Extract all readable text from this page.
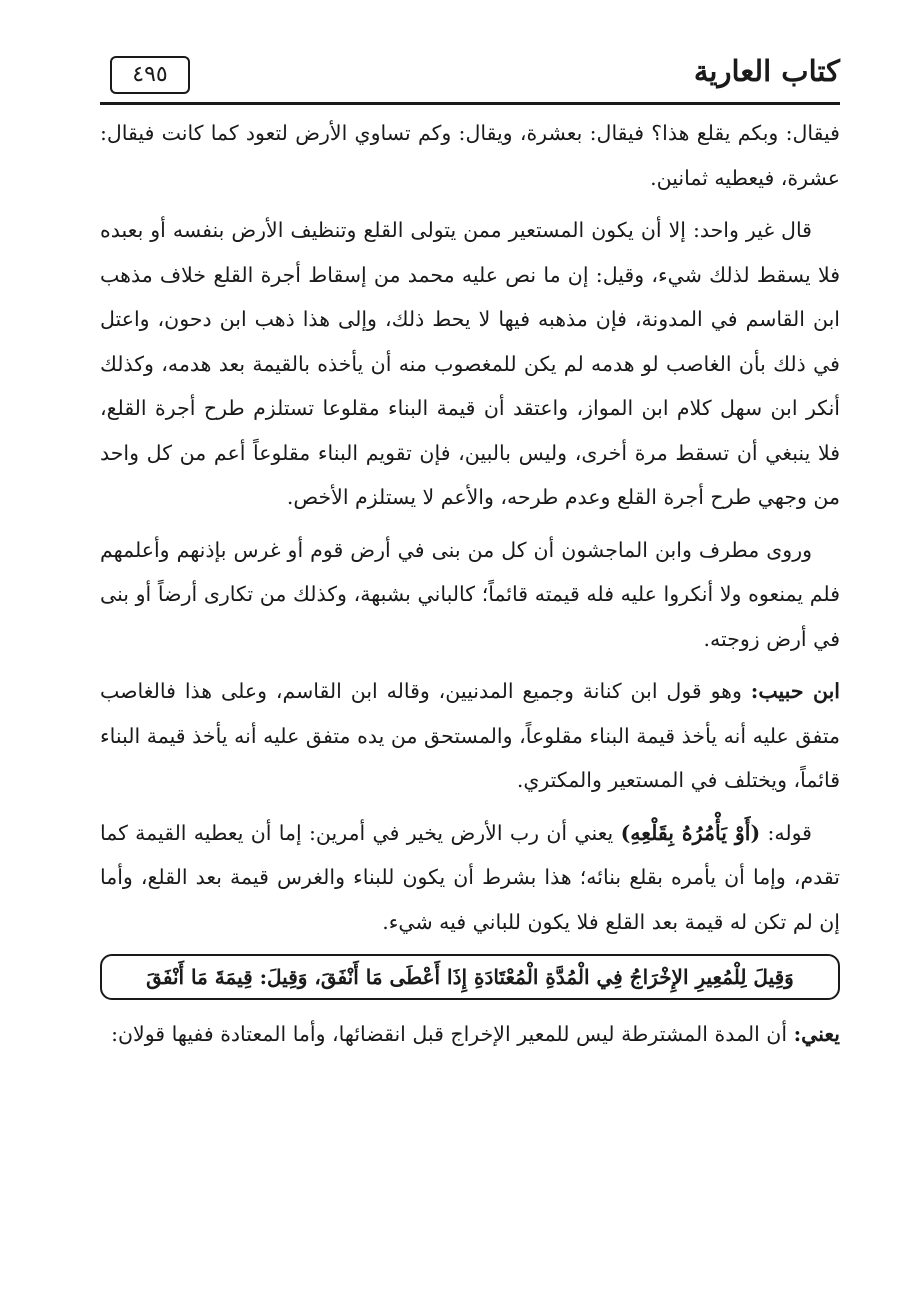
كتاب العارية
٤٩٥

فيقال: وبكم يقلع هذا؟ فيقال: بعشرة، ويقال: وكم تساوي الأرض لتعود كما كانت فيقال: عشرة، فيعطيه ثمانين.

قال غير واحد: إلا أن يكون المستعير ممن يتولى القلع وتنظيف الأرض بنفسه أو بعبده فلا يسقط لذلك شيء، وقيل: إن ما نص عليه محمد من إسقاط أجرة القلع خلاف مذهب ابن القاسم في المدونة، فإن مذهبه فيها لا يحط ذلك، وإلى هذا ذهب ابن دحون، واعتل في ذلك بأن الغاصب لو هدمه لم يكن للمغصوب منه أن يأخذه بالقيمة بعد هدمه، وكذلك أنكر ابن سهل كلام ابن المواز، واعتقد أن قيمة البناء مقلوعا تستلزم طرح أجرة القلع، فلا ينبغي أن تسقط مرة أخرى، وليس بالبين، فإن تقويم البناء مقلوعاً أعم من كل واحد من وجهي طرح أجرة القلع وعدم طرحه، والأعم لا يستلزم الأخص.

وروى مطرف وابن الماجشون أن كل من بنى في أرض قوم أو غرس بإذنهم وأعلمهم فلم يمنعوه ولا أنكروا عليه فله قيمته قائماً؛ كالباني بشبهة، وكذلك من تكارى أرضاً أو بنى في أرض زوجته.

ابن حبيب: وهو قول ابن كنانة وجميع المدنيين، وقاله ابن القاسم، وعلى هذا فالغاصب متفق عليه أنه يأخذ قيمة البناء مقلوعاً، والمستحق من يده متفق عليه أنه يأخذ قيمة البناء قائماً، ويختلف في المستعير والمكتري.

قوله: (أَوْ يَأْمُرُهُ بِقَلْعِهِ) يعني أن رب الأرض يخير في أمرين: إما أن يعطيه القيمة كما تقدم، وإما أن يأمره بقلع بنائه؛ هذا بشرط أن يكون للبناء والغرس قيمة بعد القلع، وأما إن لم تكن له قيمة بعد القلع فلا يكون للباني فيه شيء.

وَقِيلَ لِلْمُعِيرِ الإِخْرَاجُ فِي الْمُدَّةِ الْمُعْتَادَةِ إِذَا أَعْطَى مَا أَنْفَقَ، وَقِيلَ: قِيمَةَ مَا أَنْفَقَ

يعني: أن المدة المشترطة ليس للمعير الإخراج قبل انقضائها، وأما المعتادة ففيها قولان:
